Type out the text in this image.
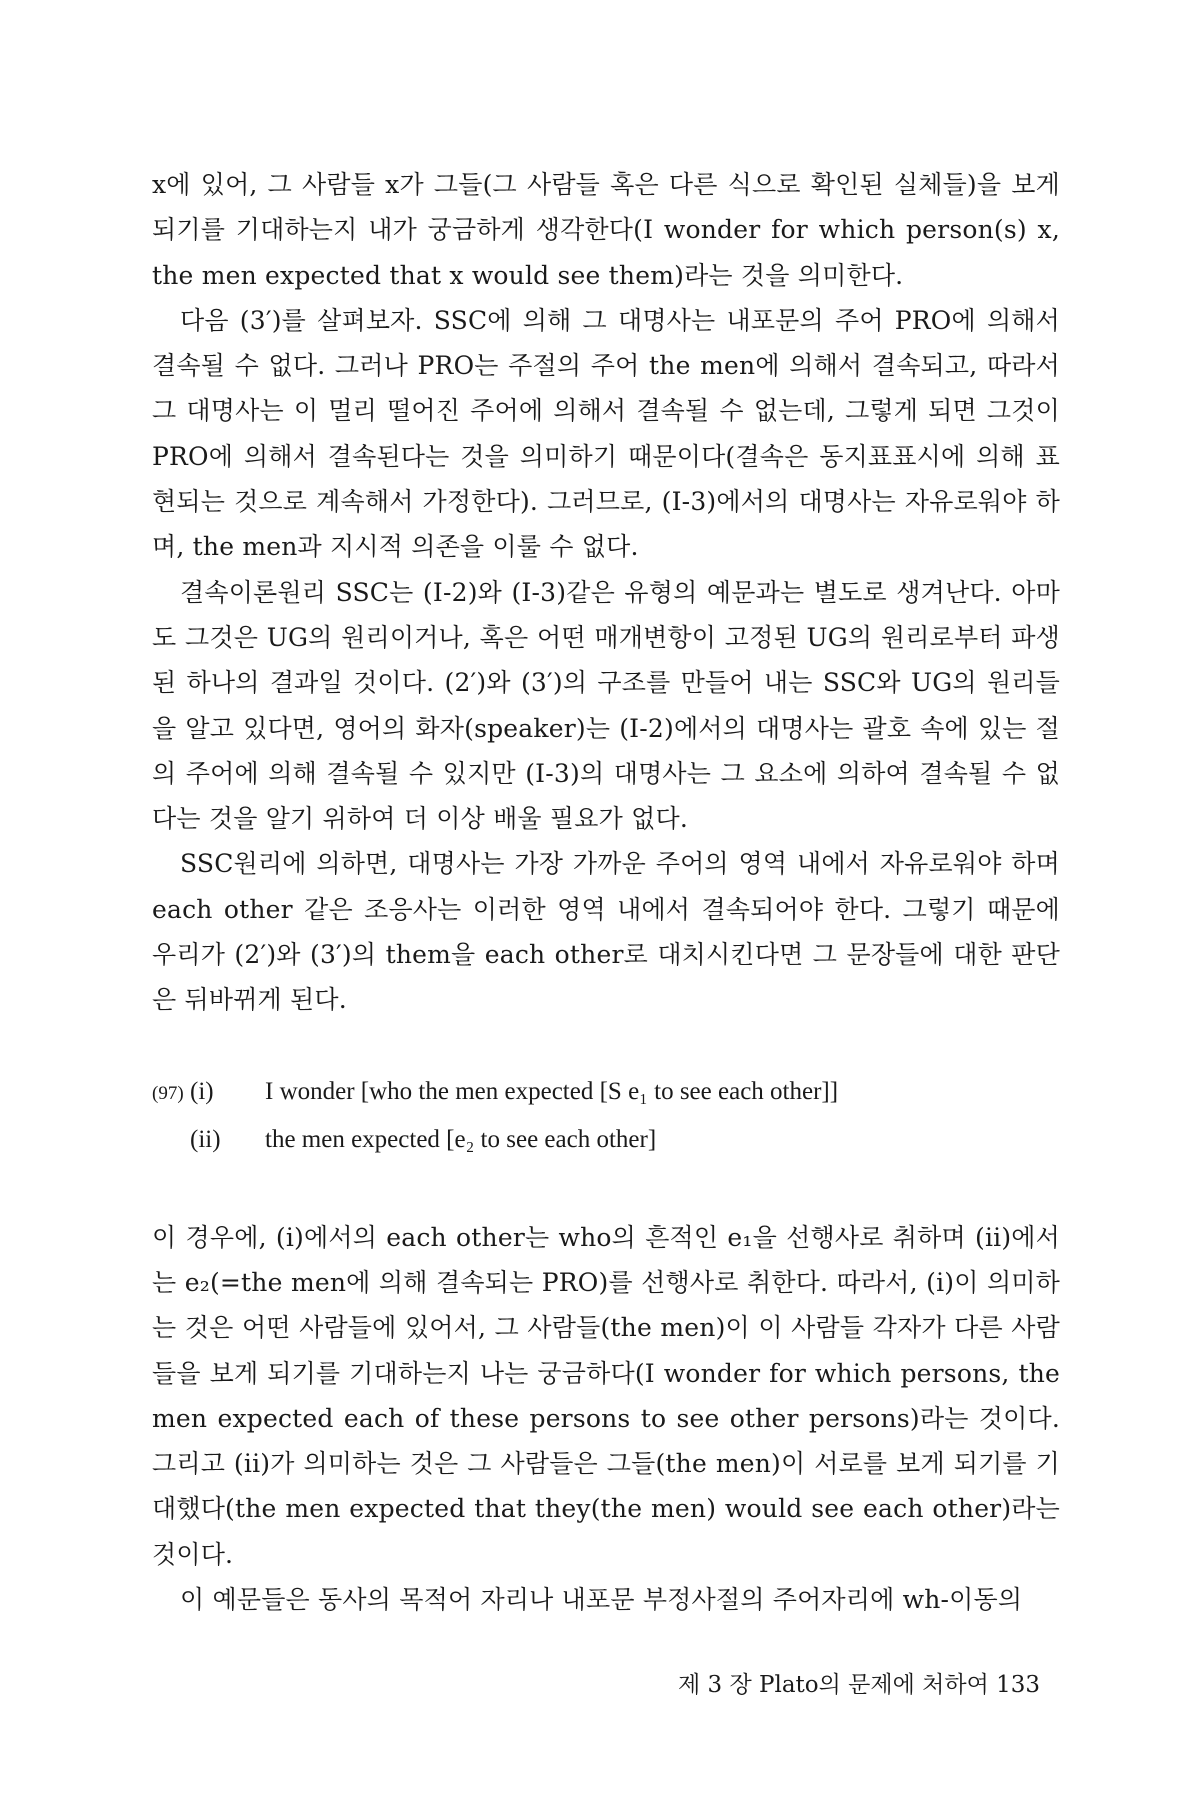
x에 있어, 그 사람들 x가 그들(그 사람들 혹은 다른 식으로 확인된 실체들)을 보게 되기를 기대하는지 내가 궁금하게 생각한다(I wonder for which person(s) x, the men expected that x would see them)라는 것을 의미한다.

다음 (3′)를 살펴보자. SSC에 의해 그 대명사는 내포문의 주어 PRO에 의해서 결속될 수 없다. 그러나 PRO는 주절의 주어 the men에 의해서 결속되고, 따라서 그 대명사는 이 멀리 떨어진 주어에 의해서 결속될 수 없는데, 그렇게 되면 그것이 PRO에 의해서 결속된다는 것을 의미하기 때문이다(결속은 동지표표시에 의해 표현되는 것으로 계속해서 가정한다). 그러므로, (I-3)에서의 대명사는 자유로워야 하며, the men과 지시적 의존을 이룰 수 없다.

결속이론원리 SSC는 (I-2)와 (I-3)같은 유형의 예문과는 별도로 생겨난다. 아마도 그것은 UG의 원리이거나, 혹은 어떤 매개변항이 고정된 UG의 원리로부터 파생된 하나의 결과일 것이다. (2′)와 (3′)의 구조를 만들어 내는 SSC와 UG의 원리들을 알고 있다면, 영어의 화자(speaker)는 (I-2)에서의 대명사는 괄호 속에 있는 절의 주어에 의해 결속될 수 있지만 (I-3)의 대명사는 그 요소에 의하여 결속될 수 없다는 것을 알기 위하여 더 이상 배울 필요가 없다.

SSC원리에 의하면, 대명사는 가장 가까운 주어의 영역 내에서 자유로워야 하며 each other 같은 조응사는 이러한 영역 내에서 결속되어야 한다. 그렇기 때문에 우리가 (2′)와 (3′)의 them을 each other로 대치시킨다면 그 문장들에 대한 판단은 뒤바뀌게 된다.

(97) (i)	I wonder [who the men expected [S e₁ to see each other]]
(ii)	the men expected [e₂ to see each other]

이 경우에, (i)에서의 each other는 who의 흔적인 e₁을 선행사로 취하며 (ii)에서는 e₂(=the men에 의해 결속되는 PRO)를 선행사로 취한다. 따라서, (i)이 의미하는 것은 어떤 사람들에 있어서, 그 사람들(the men)이 이 사람들 각자가 다른 사람들을 보게 되기를 기대하는지 나는 궁금하다(I wonder for which persons, the men expected each of these persons to see other persons)라는 것이다. 그리고 (ii)가 의미하는 것은 그 사람들은 그들(the men)이 서로를 보게 되기를 기대했다(the men expected that they(the men) would see each other)라는 것이다.

이 예문들은 동사의 목적어 자리나 내포문 부정사절의 주어자리에 wh-이동의

제 3 장 Plato의 문제에 처하여 133
